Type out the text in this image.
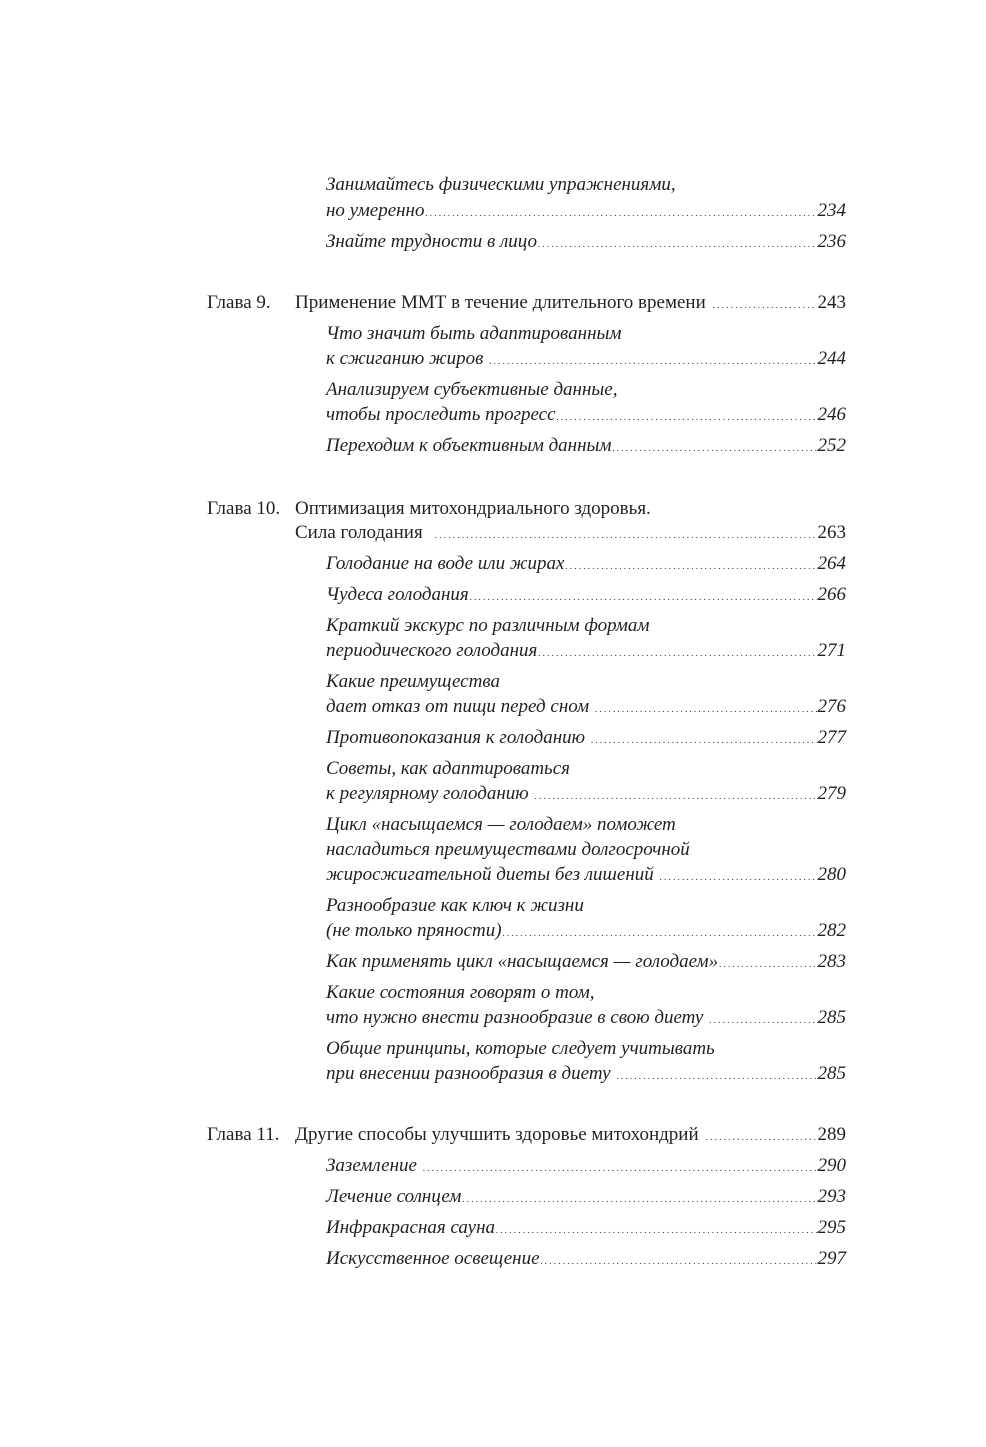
Занимайтесь физическими упражнениями,
но умеренно . . .	234
Знайте трудности в лицо . . .	236
Глава 9. Применение ММТ в течение длительного времени . . .	243
Что значит быть адаптированным
к сжиганию жиров . . .	244
Анализируем субъективные данные,
чтобы проследить прогресс . . .	246
Переходим к объективным данным . . .	252
Глава 10. Оптимизация митохондриального здоровья.
Сила голодания . . .	263
Голодание на воде или жирах . . .	264
Чудеса голодания . . .	266
Краткий экскурс по различным формам
периодического голодания . . .	271
Какие преимущества
дает отказ от пищи перед сном . . .	276
Противопоказания к голоданию . . .	277
Советы, как адаптироваться
к регулярному голоданию . . .	279
Цикл «насыщаемся — голодаем» поможет
насладиться преимуществами долгосрочной
жиросжигательной диеты без лишений . . .	280
Разнообразие как ключ к жизни
(не только пряности) . . .	282
Как применять цикл «насыщаемся — голодаем» . . .	283
Какие состояния говорят о том,
что нужно внести разнообразие в свою диету . . .	285
Общие принципы, которые следует учитывать
при внесении разнообразия в диету . . .	285
Глава 11. Другие способы улучшить здоровье митохондрий . . .	289
Заземление . . .	290
Лечение солнцем . . .	293
Инфракрасная сауна . . .	295
Искусственное освещение . . .	297
